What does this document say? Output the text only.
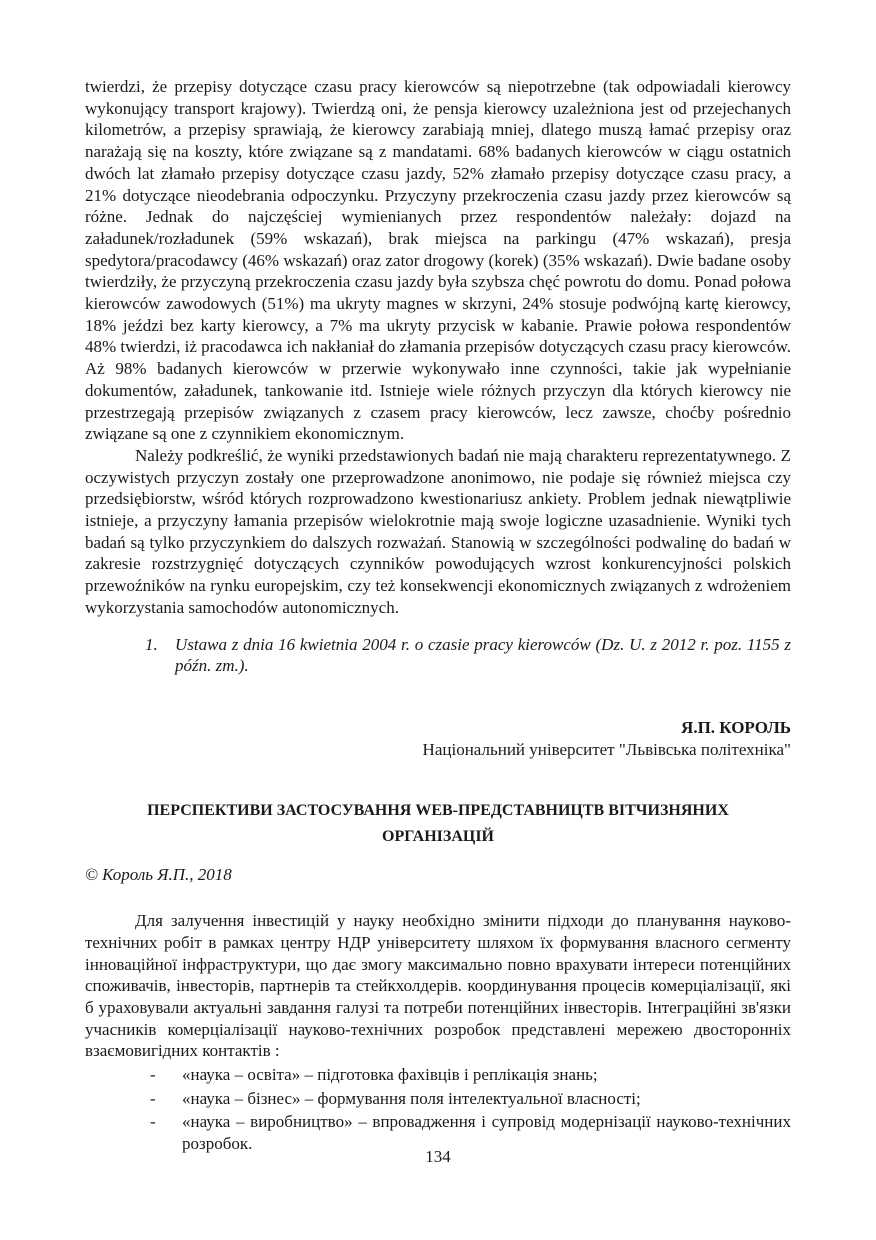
twierdzi, że przepisy dotyczące czasu pracy kierowców są niepotrzebne (tak odpowiadali kierowcy wykonujący transport krajowy). Twierdzą oni, że pensja kierowcy uzależniona jest od przejechanych kilometrów, a przepisy sprawiają, że kierowcy zarabiają mniej, dlatego muszą łamać przepisy oraz narażają się na koszty, które związane są z mandatami. 68% badanych kierowców w ciągu ostatnich dwóch lat złamało przepisy dotyczące czasu jazdy, 52% złamało przepisy dotyczące czasu pracy, a 21% dotyczące nieodebrania odpoczynku. Przyczyny przekroczenia czasu jazdy przez kierowców są różne. Jednak do najczęściej wymienianych przez respondentów należały: dojazd na załadunek/rozładunek (59% wskazań), brak miejsca na parkingu (47% wskazań), presja spedytora/pracodawcy (46% wskazań) oraz zator drogowy (korek) (35% wskazań). Dwie badane osoby twierdziły, że przyczyną przekroczenia czasu jazdy była szybsza chęć powrotu do domu. Ponad połowa kierowców zawodowych (51%) ma ukryty magnes w skrzyni, 24% stosuje podwójną kartę kierowcy, 18% jeździ bez karty kierowcy, a 7% ma ukryty przycisk w kabanie. Prawie połowa respondentów 48% twierdzi, iż pracodawca ich nakłaniał do złamania przepisów dotyczących czasu pracy kierowców. Aż 98% badanych kierowców w przerwie wykonywało inne czynności, takie jak wypełnianie dokumentów, załadunek, tankowanie itd. Istnieje wiele różnych przyczyn dla których kierowcy nie przestrzegają przepisów związanych z czasem pracy kierowców, lecz zawsze, choćby pośrednio związane są one z czynnikiem ekonomicznym.

Należy podkreślić, że wyniki przedstawionych badań nie mają charakteru reprezentatywnego. Z oczywistych przyczyn zostały one przeprowadzone anonimowo, nie podaje się również miejsca czy przedsiębiorstw, wśród których rozprowadzono kwestionariusz ankiety. Problem jednak niewątpliwie istnieje, a przyczyny łamania przepisów wielokrotnie mają swoje logiczne uzasadnienie. Wyniki tych badań są tylko przyczynkiem do dalszych rozważań. Stanowią w szczególności podwalinę do badań w zakresie rozstrzygnięć dotyczących czynników powodujących wzrost konkurencyjności polskich przewoźników na rynku europejskim, czy też konsekwencji ekonomicznych związanych z wdrożeniem wykorzystania samochodów autonomicznych.

1.	Ustawa z dnia 16 kwietnia 2004 r. o czasie pracy kierowców (Dz. U. z 2012 r. poz. 1155 z późn. zm.).
Я.П. КОРОЛЬ
Національний університет "Львівська політехніка"
ПЕРСПЕКТИВИ ЗАСТОСУВАННЯ WEB-ПРЕДСТАВНИЦТВ ВІТЧИЗНЯНИХ
ОРГАНІЗАЦІЙ
© Король Я.П., 2018

Для залучення інвестицій у науку необхідно змінити підходи до планування науково-технічних робіт в рамках центру НДР університету шляхом їх формування власного сегменту інноваційної інфраструктури, що дає змогу максимально повно врахувати інтереси потенційних споживачів, інвесторів, партнерів та стейкхолдерів. координування процесів комерціалізації, які б ураховували актуальні завдання галузі та потреби потенційних інвесторів. Інтеграційні зв'язки учасників комерціалізації науково-технічних розробок представлені мережею двосторонніх взаємовигідних контактів :

-	«наука – освіта» – підготовка фахівців і реплікація знань;
-	«наука – бізнес» – формування поля інтелектуальної власності;
-	«наука – виробництво» – впровадження і супровід модернізації науково-технічних розробок.
134
